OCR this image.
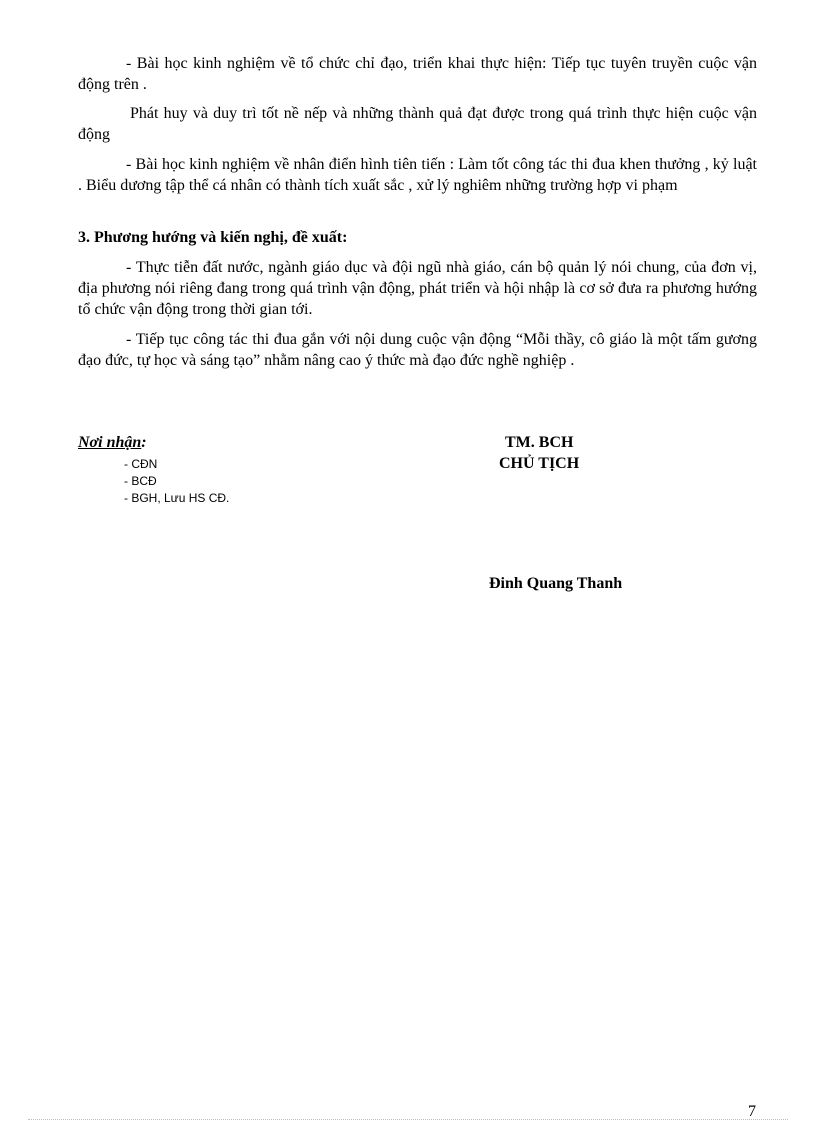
- Bài học kinh nghiệm về tổ chức chỉ đạo, triển khai thực hiện: Tiếp tục tuyên truyền cuộc vận động trên .

Phát huy và duy trì tốt nề nếp và những thành quả đạt được trong quá trình thực hiện cuộc vận động

- Bài học kinh nghiệm về nhân điển hình tiên tiến : Làm tốt công tác thi đua khen thưởng , kỷ luật . Biểu dương tập thể cá nhân có thành tích xuất sắc , xử lý nghiêm những trường hợp vi phạm

3. Phương hướng và kiến nghị, đề xuất:

- Thực tiễn đất nước, ngành giáo dục và đội ngũ nhà giáo, cán bộ quản lý nói chung, của đơn vị, địa phương nói riêng đang trong quá trình vận động, phát triển và hội nhập là cơ sở đưa ra phương hướng tổ chức vận động trong thời gian tới.

- Tiếp tục công tác thi đua gắn với nội dung cuộc vận động “Mỗi thầy, cô giáo là một tấm gương đạo đức, tự học và sáng tạo” nhằm nâng cao ý thức mà đạo đức nghề nghiệp .

Nơi nhận:
- CĐN
- BCĐ
- BGH, Lưu HS CĐ.
TM. BCH
CHỦ TỊCH
Đinh Quang Thanh
7
